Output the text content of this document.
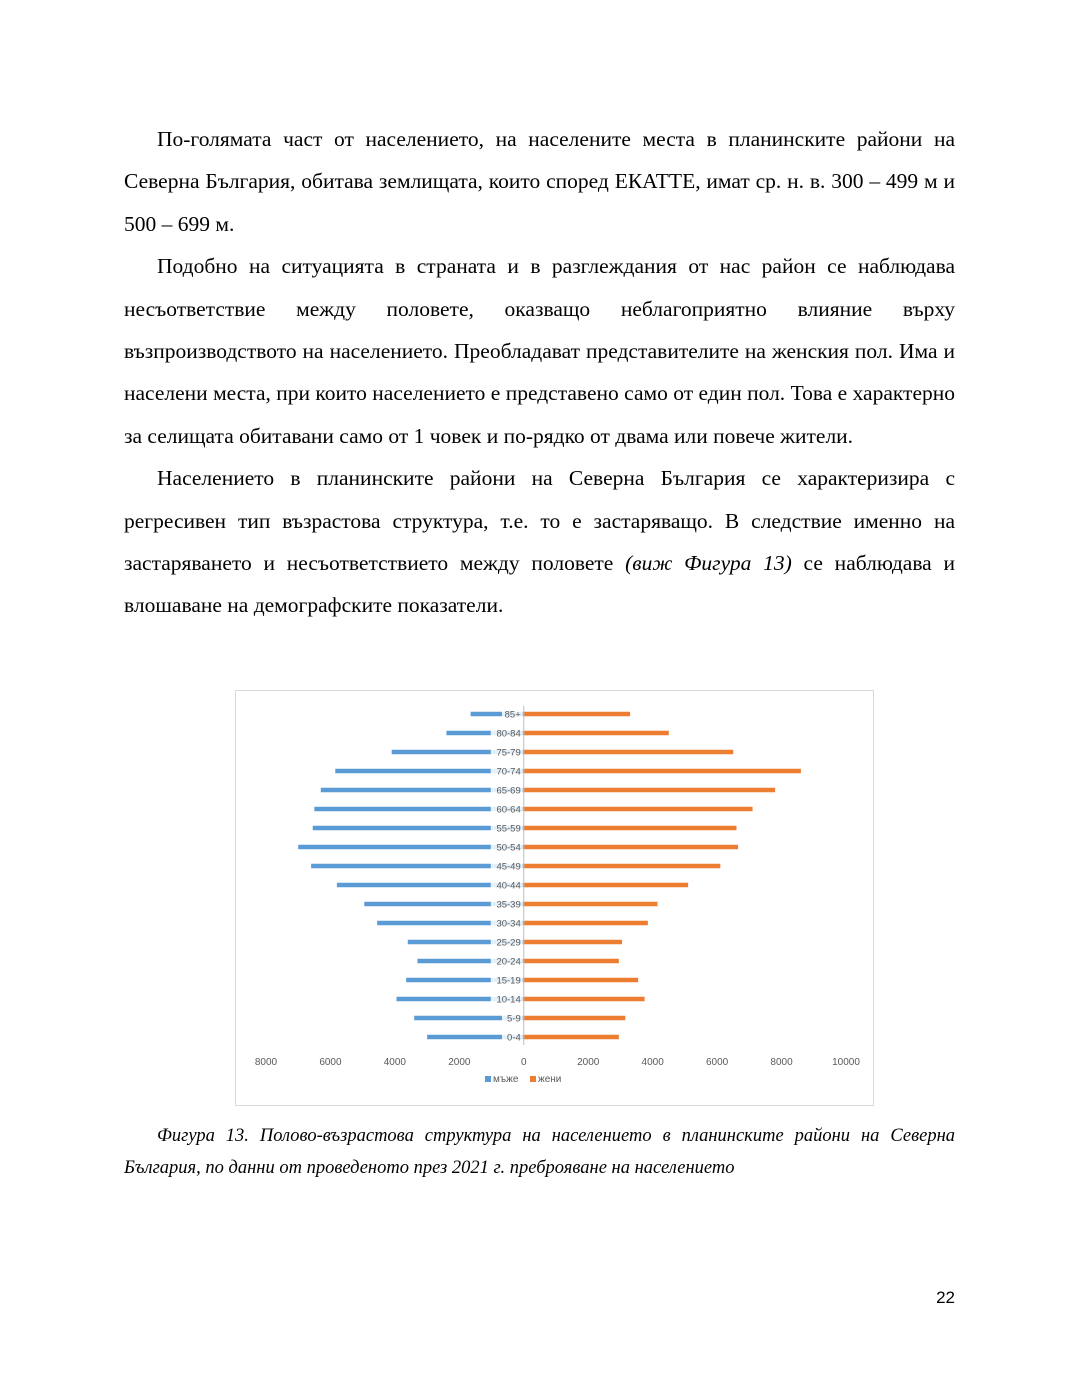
По-голямата част от населението, на населените места в планинските райони на Северна България, обитава землищата, които според ЕКАТТЕ, имат ср. н. в. 300 – 499 м и 500 – 699 м.

Подобно на ситуацията в страната и в разглеждания от нас район се наблюдава несъответствие между половете, оказващо неблагоприятно влияние върху възпроизводството на населението. Преобладават представителите на женския пол. Има и населени места, при които населението е представено само от един пол. Това е характерно за селищата обитавани само от 1 човек и по-рядко от двама или повече жители.

Населението в планинските райони на Северна България се характеризира с регресивен тип възрастова структура, т.е. то е застаряващо. В следствие именно на застаряването и несъответствието между половете (виж Фигура 13) се наблюдава и влошаване на демографските показатели.

0-4
5-9
10-14
15-19
20-24
25-29
30-34
35-39
40-44
45-49
50-54
55-59
60-64
65-69
70-74
75-79
80-84
85+
8000	6000	4000	2000	0	2000	4000	6000	8000	10000
мъже жени
Фигура 13. Полово-възрастова структура на населението в планинските райони на Северна България, по данни от проведеното през 2021 г. преброяване на населението
22
